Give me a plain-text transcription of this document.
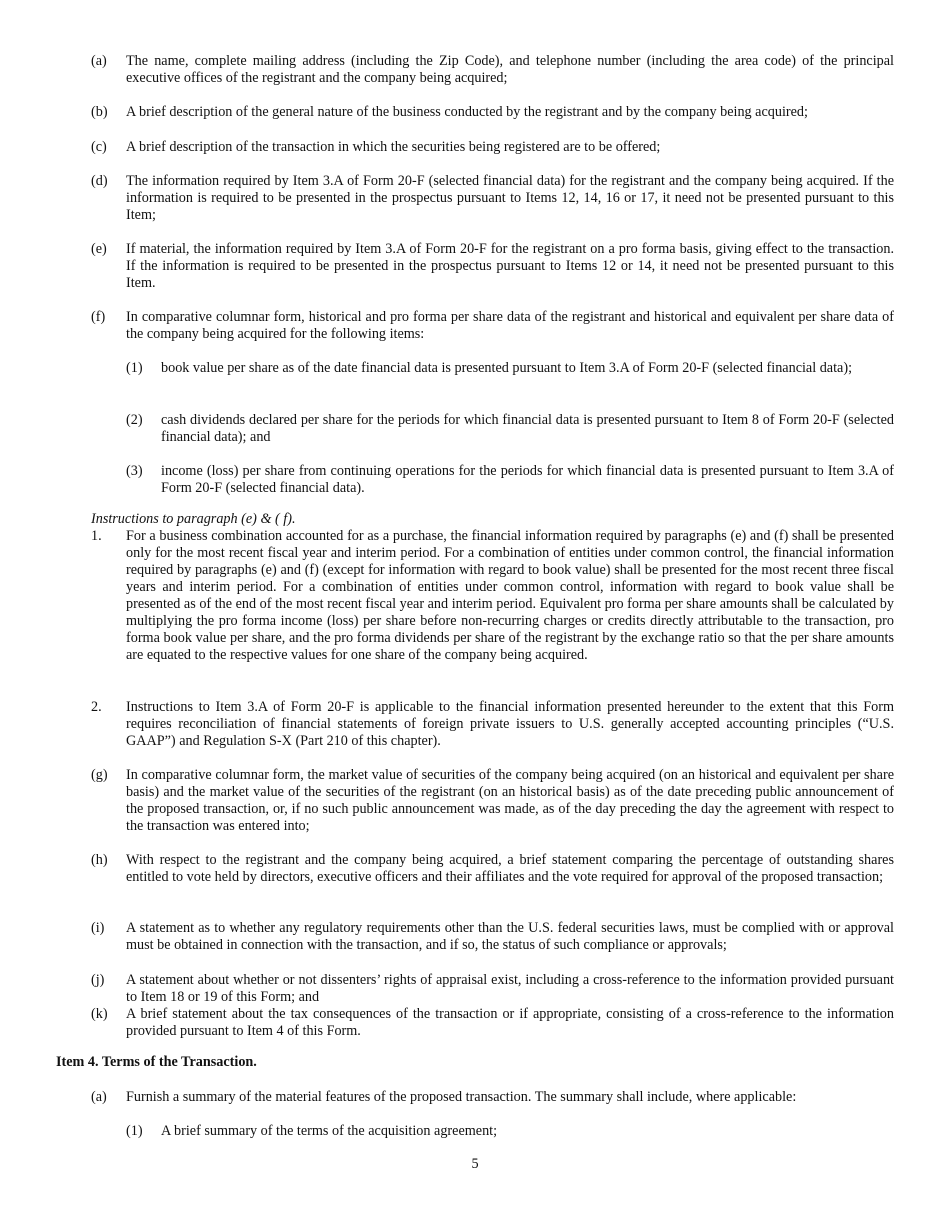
(a) The name, complete mailing address (including the Zip Code), and telephone number (including the area code) of the principal executive offices of the registrant and the company being acquired;
(b) A brief description of the general nature of the business conducted by the registrant and by the company being acquired;
(c) A brief description of the transaction in which the securities being registered are to be offered;
(d) The information required by Item 3.A of Form 20-F (selected financial data) for the registrant and the company being acquired. If the information is required to be presented in the prospectus pursuant to Items 12, 14, 16 or 17, it need not be presented pursuant to this Item;
(e) If material, the information required by Item 3.A of Form 20-F for the registrant on a pro forma basis, giving effect to the transaction. If the information is required to be presented in the prospectus pursuant to Items 12 or 14, it need not be presented pursuant to this Item.
(f) In comparative columnar form, historical and pro forma per share data of the registrant and historical and equivalent per share data of the company being acquired for the following items:
(1) book value per share as of the date financial data is presented pursuant to Item 3.A of Form 20-F (selected financial data);
(2) cash dividends declared per share for the periods for which financial data is presented pursuant to Item 8 of Form 20-F (selected financial data); and
(3) income (loss) per share from continuing operations for the periods for which financial data is presented pursuant to Item 3.A of Form 20-F (selected financial data).
Instructions to paragraph (e) & ( f).
1. For a business combination accounted for as a purchase, the financial information required by paragraphs (e) and (f) shall be presented only for the most recent fiscal year and interim period. For a combination of entities under common control, the financial information required by paragraphs (e) and (f) (except for information with regard to book value) shall be presented for the most recent three fiscal years and interim period. For a combination of entities under common control, information with regard to book value shall be presented as of the end of the most recent fiscal year and interim period. Equivalent pro forma per share amounts shall be calculated by multiplying the pro forma income (loss) per share before non-recurring charges or credits directly attributable to the transaction, pro forma book value per share, and the pro forma dividends per share of the registrant by the exchange ratio so that the per share amounts are equated to the respective values for one share of the company being acquired.
2. Instructions to Item 3.A of Form 20-F is applicable to the financial information presented hereunder to the extent that this Form requires reconciliation of financial statements of foreign private issuers to U.S. generally accepted accounting principles (“U.S. GAAP”) and Regulation S-X (Part 210 of this chapter).
(g) In comparative columnar form, the market value of securities of the company being acquired (on an historical and equivalent per share basis) and the market value of the securities of the registrant (on an historical basis) as of the date preceding public announcement of the proposed transaction, or, if no such public announcement was made, as of the day preceding the day the agreement with respect to the transaction was entered into;
(h) With respect to the registrant and the company being acquired, a brief statement comparing the percentage of outstanding shares entitled to vote held by directors, executive officers and their affiliates and the vote required for approval of the proposed transaction;
(i) A statement as to whether any regulatory requirements other than the U.S. federal securities laws, must be complied with or approval must be obtained in connection with the transaction, and if so, the status of such compliance or approvals;
(j) A statement about whether or not dissenters’ rights of appraisal exist, including a cross-reference to the information provided pursuant to Item 18 or 19 of this Form; and
(k) A brief statement about the tax consequences of the transaction or if appropriate, consisting of a cross-reference to the information provided pursuant to Item 4 of this Form.
Item 4. Terms of the Transaction.
(a) Furnish a summary of the material features of the proposed transaction. The summary shall include, where applicable:
(1) A brief summary of the terms of the acquisition agreement;
5
